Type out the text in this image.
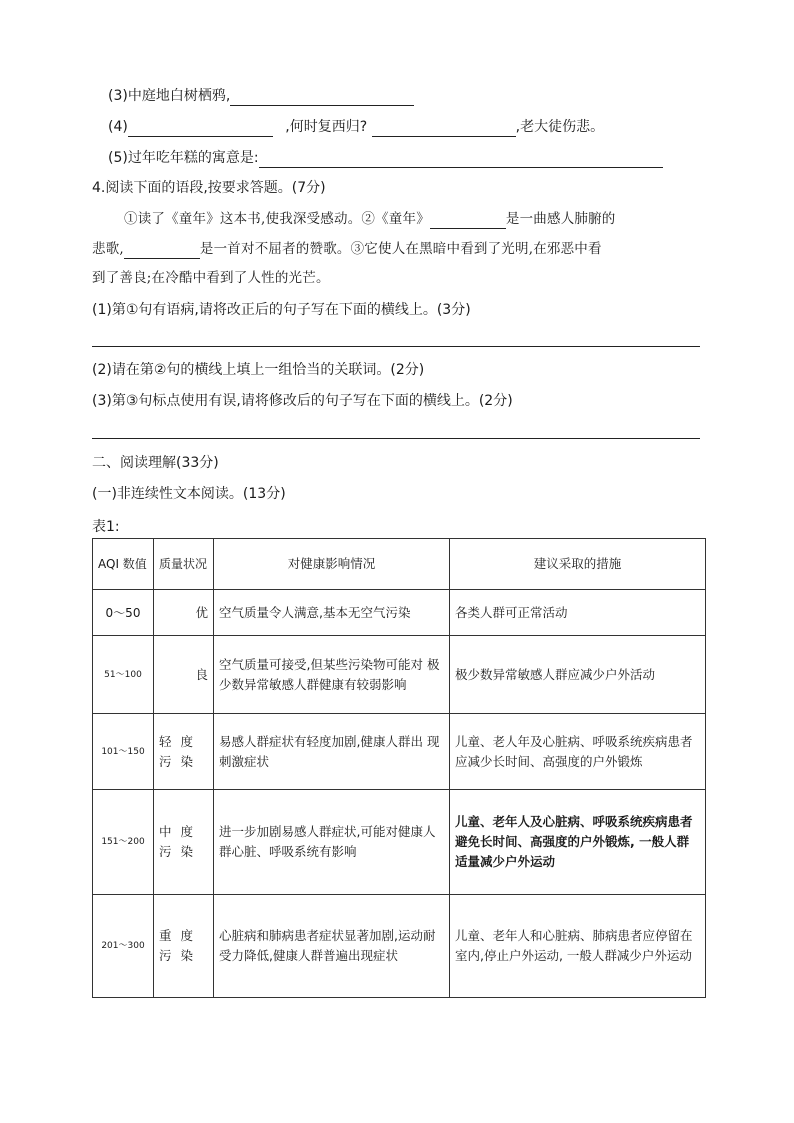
(3)中庭地白树栖鸦,
(4)	,何时复西归?	,老大徒伤悲。
(5)过年吃年糕的寓意是:
4.阅读下面的语段,按要求答题。(7分)
①读了《童年》这本书,使我深受感动。②《童年》	是一曲感人肺腑的
悲歌,	是一首对不屈者的赞歌。③它使人在黑暗中看到了光明,在邪恶中看
到了善良;在冷酷中看到了人性的光芒。
(1)第①句有语病,请将改正后的句子写在下面的横线上。(3分)
(2)请在第②句的横线上填上一组恰当的关联词。(2分)
(3)第③句标点使用有误,请将修改后的句子写在下面的横线上。(2分)
二、阅读理解(33分)
(一)非连续性文本阅读。(13分)
表1:
AQI 数值	质量状况	对健康影响情况	建议采取的措施
0～50	优	空气质量令人满意,基本无空气污染	各类人群可正常活动
51～100	良	空气质量可接受,但某些污染物可能对 极少数异常敏感人群健康有较弱影响	极少数异常敏感人群应减少户外活动
101～150	轻度污染	易感人群症状有轻度加剧,健康人群出 现刺激症状	儿童、老人年及心脏病、呼吸系统疾病患者 应减少长时间、高强度的户外锻炼
151～200	中度污染	进一步加剧易感人群症状,可能对健康人群心脏、呼吸系统有影响	儿童、老年人及心脏病、呼吸系统疾病患者避免长时间、高强度的户外锻炼, 一般人群适量减少户外运动
201～300	重度污染	心脏病和肺病患者症状显著加剧,运动耐受力降低,健康人群普遍出现症状	儿童、老年人和心脏病、肺病患者应停留在室内,停止户外运动, 一般人群减少户外运动
